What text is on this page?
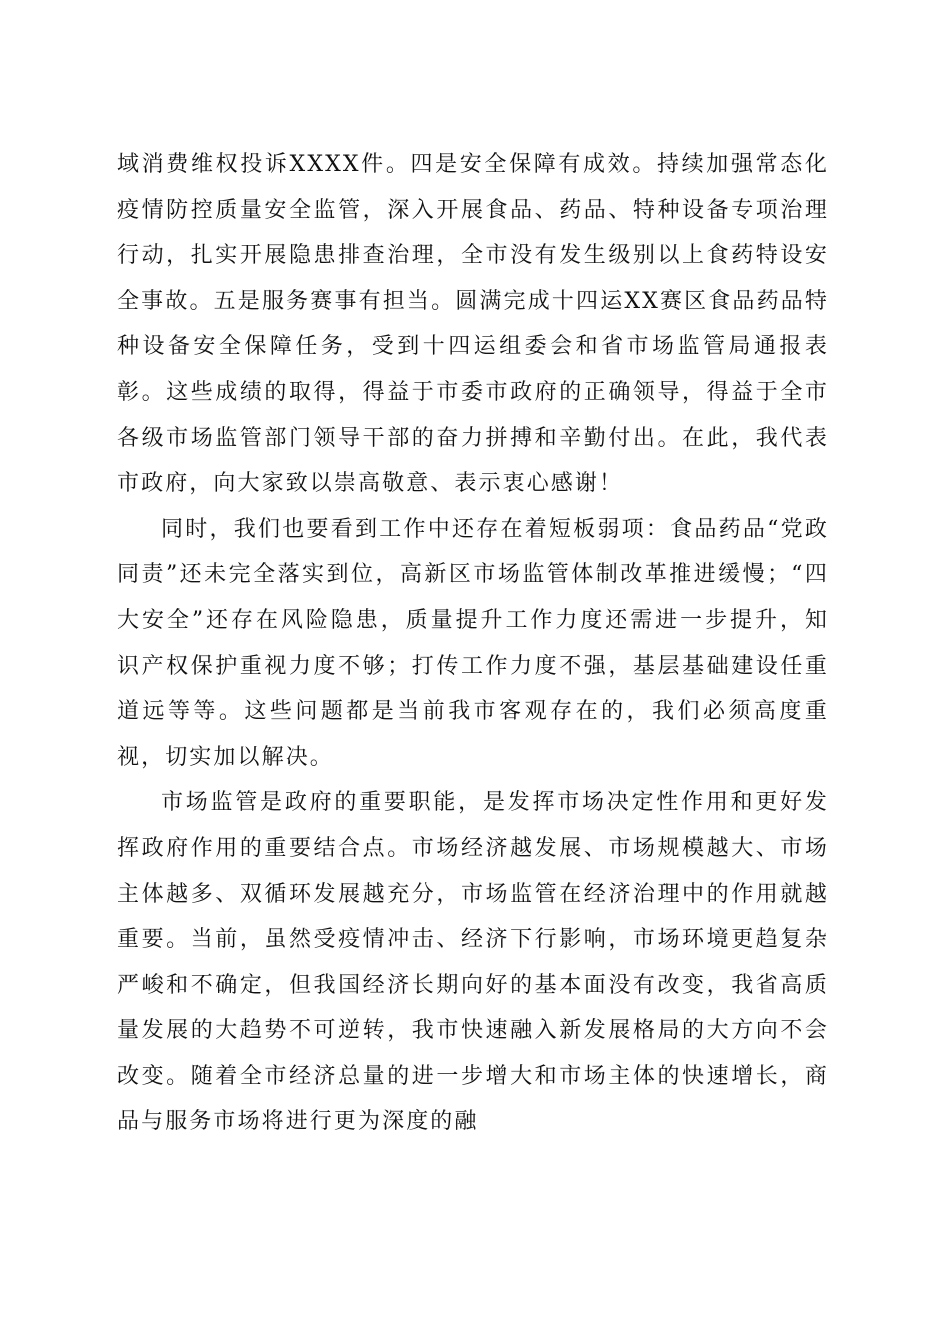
域消费维权投诉XXXX件。四是安全保障有成效。持续加强常态化疫情防控质量安全监管，深入开展食品、药品、特种设备专项治理行动，扎实开展隐患排查治理，全市没有发生级别以上食药特设安全事故。五是服务赛事有担当。圆满完成十四运XX赛区食品药品特种设备安全保障任务，受到十四运组委会和省市场监管局通报表彰。这些成绩的取得，得益于市委市政府的正确领导，得益于全市各级市场监管部门领导干部的奋力拼搏和辛勤付出。在此，我代表市政府，向大家致以崇高敬意、表示衷心感谢！

同时，我们也要看到工作中还存在着短板弱项：食品药品“党政同责”还未完全落实到位，高新区市场监管体制改革推进缓慢；“四大安全”还存在风险隐患，质量提升工作力度还需进一步提升，知识产权保护重视力度不够；打传工作力度不强，基层基础建设任重道远等等。这些问题都是当前我市客观存在的，我们必须高度重视，切实加以解决。

市场监管是政府的重要职能，是发挥市场决定性作用和更好发挥政府作用的重要结合点。市场经济越发展、市场规模越大、市场主体越多、双循环发展越充分，市场监管在经济治理中的作用就越重要。当前，虽然受疫情冲击、经济下行影响，市场环境更趋复杂严峻和不确定，但我国经济长期向好的基本面没有改变，我省高质量发展的大趋势不可逆转，我市快速融入新发展格局的大方向不会改变。随着全市经济总量的进一步增大和市场主体的快速增长，商品与服务市场将进行更为深度的融
